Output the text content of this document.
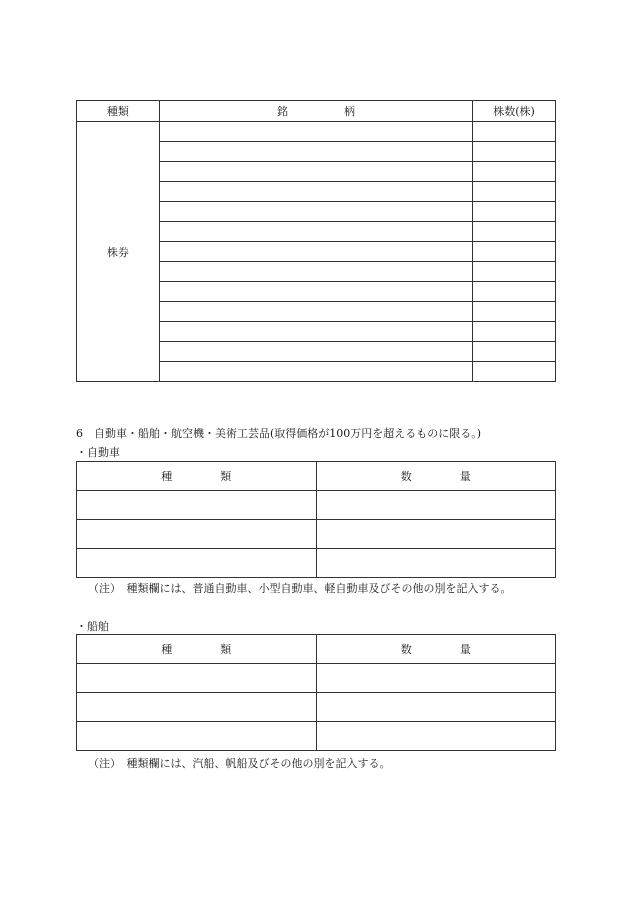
種類	銘 柄	株数(株)
株券		

6　自動車・船舶・航空機・美術工芸品(取得価格が100万円を超えるものに限る。)
・自動車
種 類	数 量

（注）　種類欄には、普通自動車、小型自動車、軽自動車及びその他の別を記入する。
・船舶
種 類	数 量

（注）　種類欄には、汽船、帆船及びその他の別を記入する。
